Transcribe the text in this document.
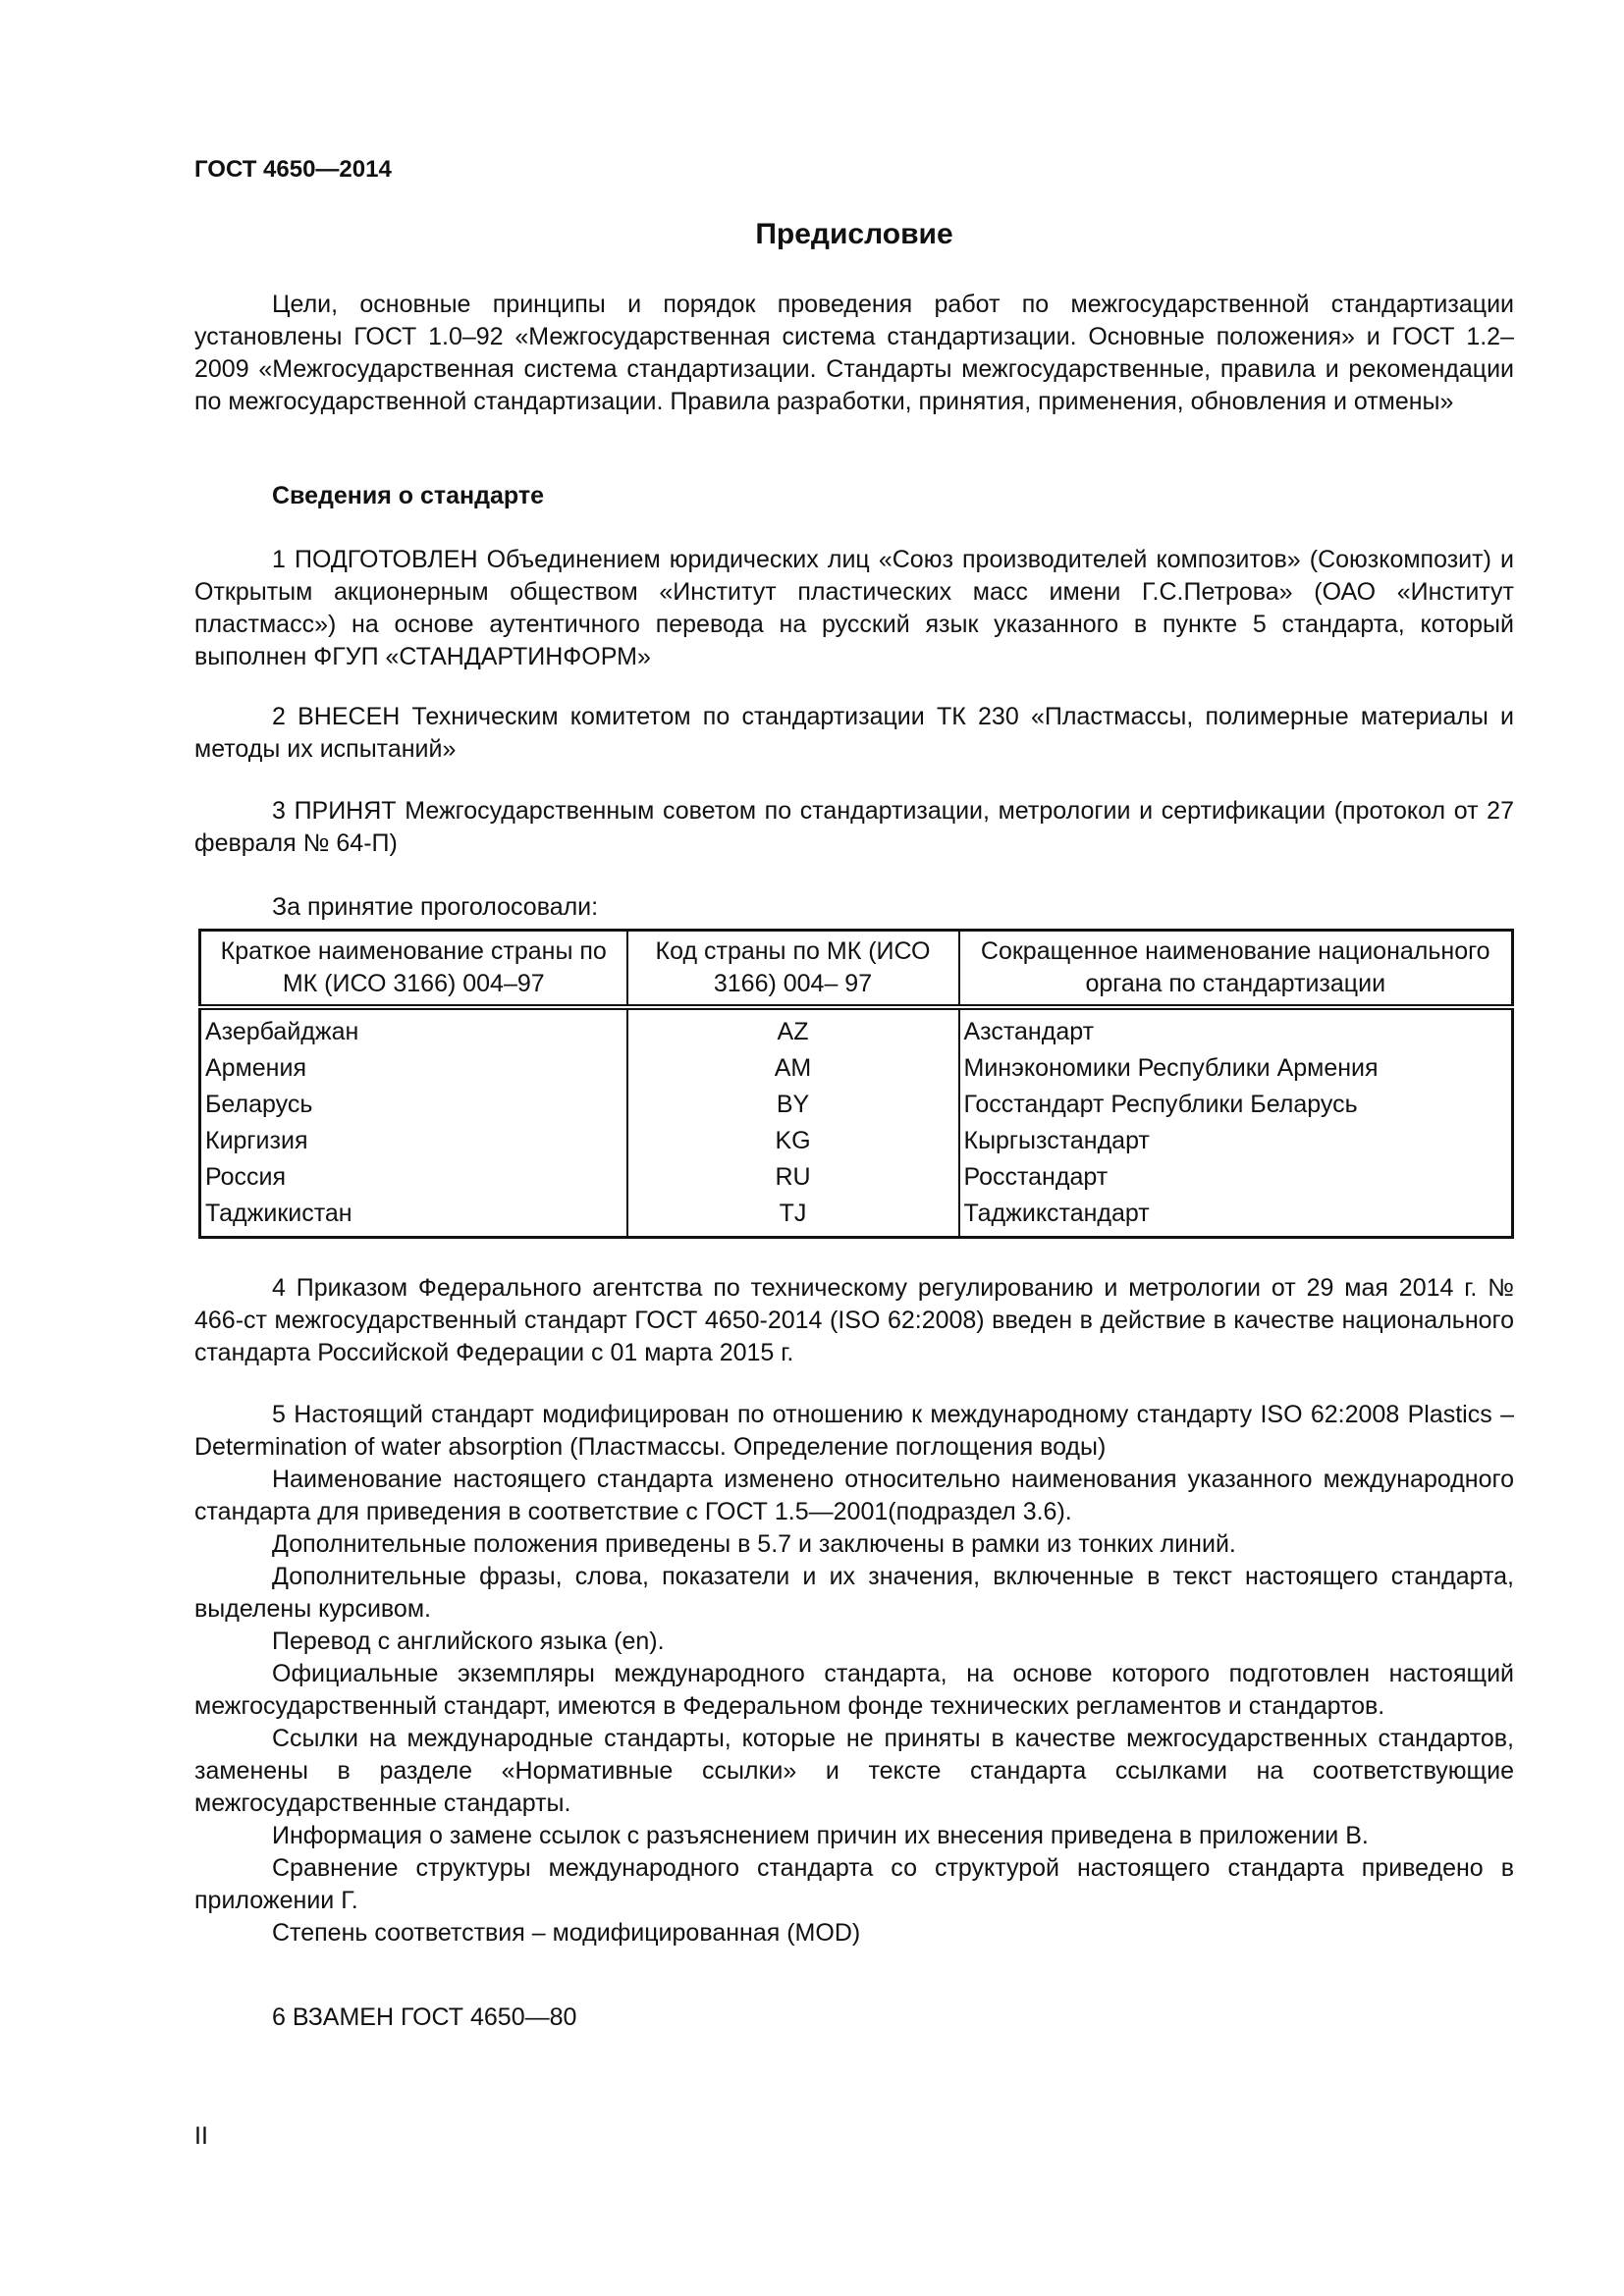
ГОСТ 4650—2014
Предисловие
Цели, основные принципы и порядок проведения работ по межгосударственной стандартизации установлены ГОСТ 1.0–92 «Межгосударственная система стандартизации. Основные положения» и ГОСТ 1.2–2009 «Межгосударственная система стандартизации. Стандарты межгосударственные, правила и рекомендации по межгосударственной стандартизации. Правила разработки, принятия, применения, обновления и отмены»
Сведения о стандарте
1 ПОДГОТОВЛЕН Объединением юридических лиц «Союз производителей композитов» (Союзкомпозит) и Открытым акционерным обществом «Институт пластических масс имени Г.С.Петрова» (ОАО «Институт пластмасс») на основе аутентичного перевода на русский язык указанного в пункте 5 стандарта, который выполнен ФГУП «СТАНДАРТИНФОРМ»
2 ВНЕСЕН Техническим комитетом по стандартизации ТК 230 «Пластмассы, полимерные материалы и методы их испытаний»
3 ПРИНЯТ Межгосударственным советом по стандартизации, метрологии и сертификации (протокол от 27 февраля № 64-П)
За принятие проголосовали:
Краткое наименование страны по МК (ИСО 3166) 004–97	Код страны по МК (ИСО 3166) 004– 97	Сокращенное наименование национального органа по стандартизации
Азербайджан	AZ	Азстандарт
Армения	AM	Минэкономики Республики Армения
Беларусь	BY	Госстандарт Республики Беларусь
Киргизия	KG	Кыргызстандарт
Россия	RU	Росстандарт
Таджикистан	TJ	Таджикстандарт
4 Приказом Федерального агентства по техническому регулированию и метрологии от 29 мая 2014 г. № 466-ст межгосударственный стандарт ГОСТ 4650-2014 (ISO 62:2008) введен в действие в качестве национального стандарта Российской Федерации с 01 марта 2015 г.

5 Настоящий стандарт модифицирован по отношению к международному стандарту ISO 62:2008 Plastics – Determination of water absorption (Пластмассы. Определение поглощения воды)

Наименование настоящего стандарта изменено относительно наименования указанного международного стандарта для приведения в соответствие с ГОСТ 1.5—2001(подраздел 3.6).

Дополнительные положения приведены в 5.7 и заключены в рамки из тонких линий.

Дополнительные фразы, слова, показатели и их значения, включенные в текст настоящего стандарта, выделены курсивом.

Перевод с английского языка (en).

Официальные экземпляры международного стандарта, на основе которого подготовлен настоящий межгосударственный стандарт, имеются в Федеральном фонде технических регламентов и стандартов.

Ссылки на международные стандарты, которые не приняты в качестве межгосударственных стандартов, заменены в разделе «Нормативные ссылки» и тексте стандарта ссылками на соответствующие межгосударственные стандарты.

Информация о замене ссылок с разъяснением причин их внесения приведена в приложении В.

Сравнение структуры международного стандарта со структурой настоящего стандарта приведено в приложении Г.

Степень соответствия – модифицированная (MOD)

6 ВЗАМЕН ГОСТ 4650—80
II
